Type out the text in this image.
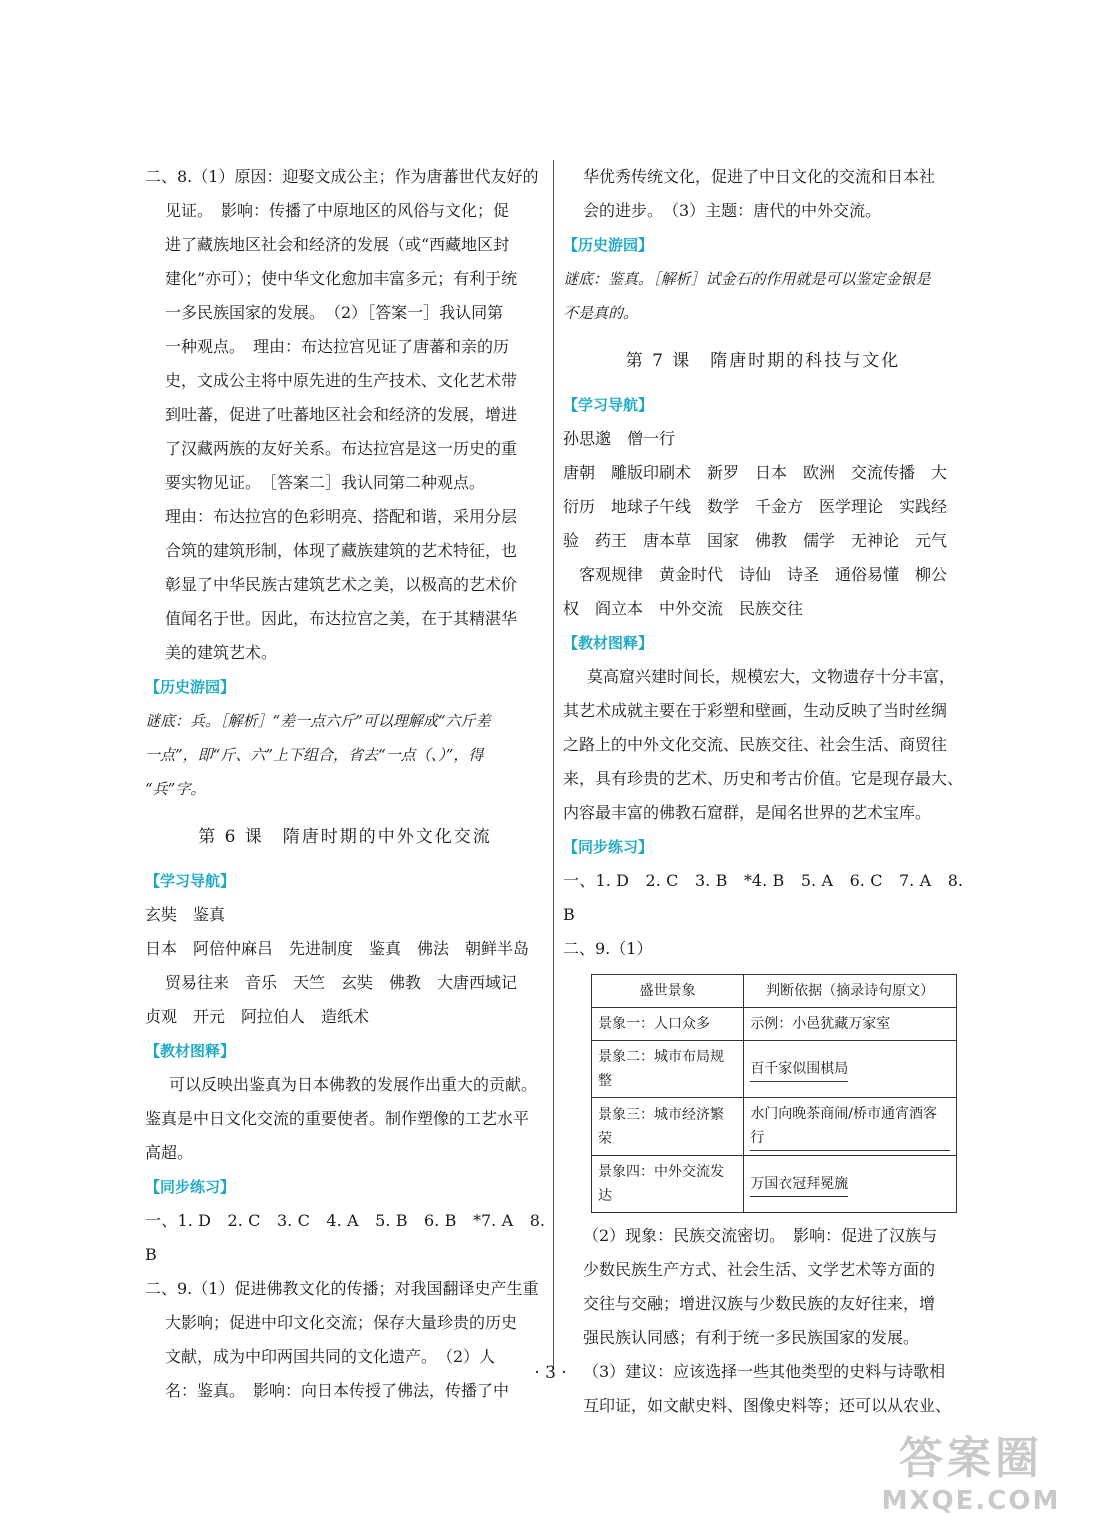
二、8.（1）原因：迎娶文成公主；作为唐蕃世代友好的

见证。　影响：传播了中原地区的风俗与文化；促

进了藏族地区社会和经济的发展（或“西藏地区封

建化”亦可）；使中华文化愈加丰富多元；有利于统

一多民族国家的发展。　（2）［答案一］我认同第

一种观点。　理由：布达拉宫见证了唐蕃和亲的历

史，文成公主将中原先进的生产技术、文化艺术带

到吐蕃，促进了吐蕃地区社会和经济的发展，增进

了汉藏两族的友好关系。布达拉宫是这一历史的重

要实物见证。　［答案二］我认同第二种观点。

理由：布达拉宫的色彩明亮、搭配和谐，采用分层

合筑的建筑形制，体现了藏族建筑的艺术特征，也

彰显了中华民族古建筑艺术之美，以极高的艺术价

值闻名于世。因此，布达拉宫之美，在于其精湛华

美的建筑艺术。

【历史游园】

谜底：兵。［解析］“差一点六斤”可以理解成“六斤差

一点”，即“斤、六”上下组合，省去“一点（、）”，得

“兵”字。

第 6 课　隋唐时期的中外文化交流

【学习导航】

玄奘　鉴真

日本　阿倍仲麻吕　先进制度　鉴真　佛法　朝鲜半岛

贸易往来　音乐　天竺　玄奘　佛教　大唐西域记

贞观　开元　阿拉伯人　造纸术

【教材图释】

可以反映出鉴真为日本佛教的发展作出重大的贡献。

鉴真是中日文化交流的重要使者。制作塑像的工艺水平

高超。

【同步练习】

一、1. D　2. C　3. C　4. A　5. B　6. B　*7. A　8. B

二、9.（1）促进佛教文化的传播；对我国翻译史产生重

大影响；促进中印文化交流；保存大量珍贵的历史

文献，成为中印两国共同的文化遗产。　（2）人

名：鉴真。　影响：向日本传授了佛法，传播了中

华优秀传统文化，促进了中日文化的交流和日本社

会的进步。　（3）主题：唐代的中外交流。

【历史游园】

谜底：鉴真。［解析］试金石的作用就是可以鉴定金银是

不是真的。

第 7 课　隋唐时期的科技与文化

【学习导航】

孙思邈　僧一行

唐朝　雕版印刷术　新罗　日本　欧洲　交流传播　大

衍历　地球子午线　数学　千金方　医学理论　实践经

验　药王　唐本草　国家　佛教　儒学　无神论　元气

　客观规律　黄金时代　诗仙　诗圣　通俗易懂　柳公

权　阎立本　中外交流　民族交往

【教材图释】

莫高窟兴建时间长，规模宏大，文物遗存十分丰富，

其艺术成就主要在于彩塑和壁画，生动反映了当时丝绸

之路上的中外文化交流、民族交往、社会生活、商贸往

来，具有珍贵的艺术、历史和考古价值。它是现存最大、

内容最丰富的佛教石窟群，是闻名世界的艺术宝库。

【同步练习】

一、1. D　2. C　3. B　*4. B　5. A　6. C　7. A　8. B

二、9.（1）

盛世景象	判断依据（摘录诗句原文）
景象一：人口众多	示例：小邑犹藏万家室
景象二：城市布局规整	百千家似围棋局
景象三：城市经济繁荣	水门向晚茶商闹/桥市通宵酒客行
景象四：中外交流发达	万国衣冠拜冕旒

（2）现象：民族交流密切。　影响：促进了汉族与

少数民族生产方式、社会生活、文学艺术等方面的

交往与交融；增进汉族与少数民族的友好往来，增

强民族认同感；有利于统一多民族国家的发展。

（3）建议：应该选择一些其他类型的史料与诗歌相

互印证，如文献史料、图像史料等；还可以从农业、

· 3 ·
答案圈
MXQE.COM
